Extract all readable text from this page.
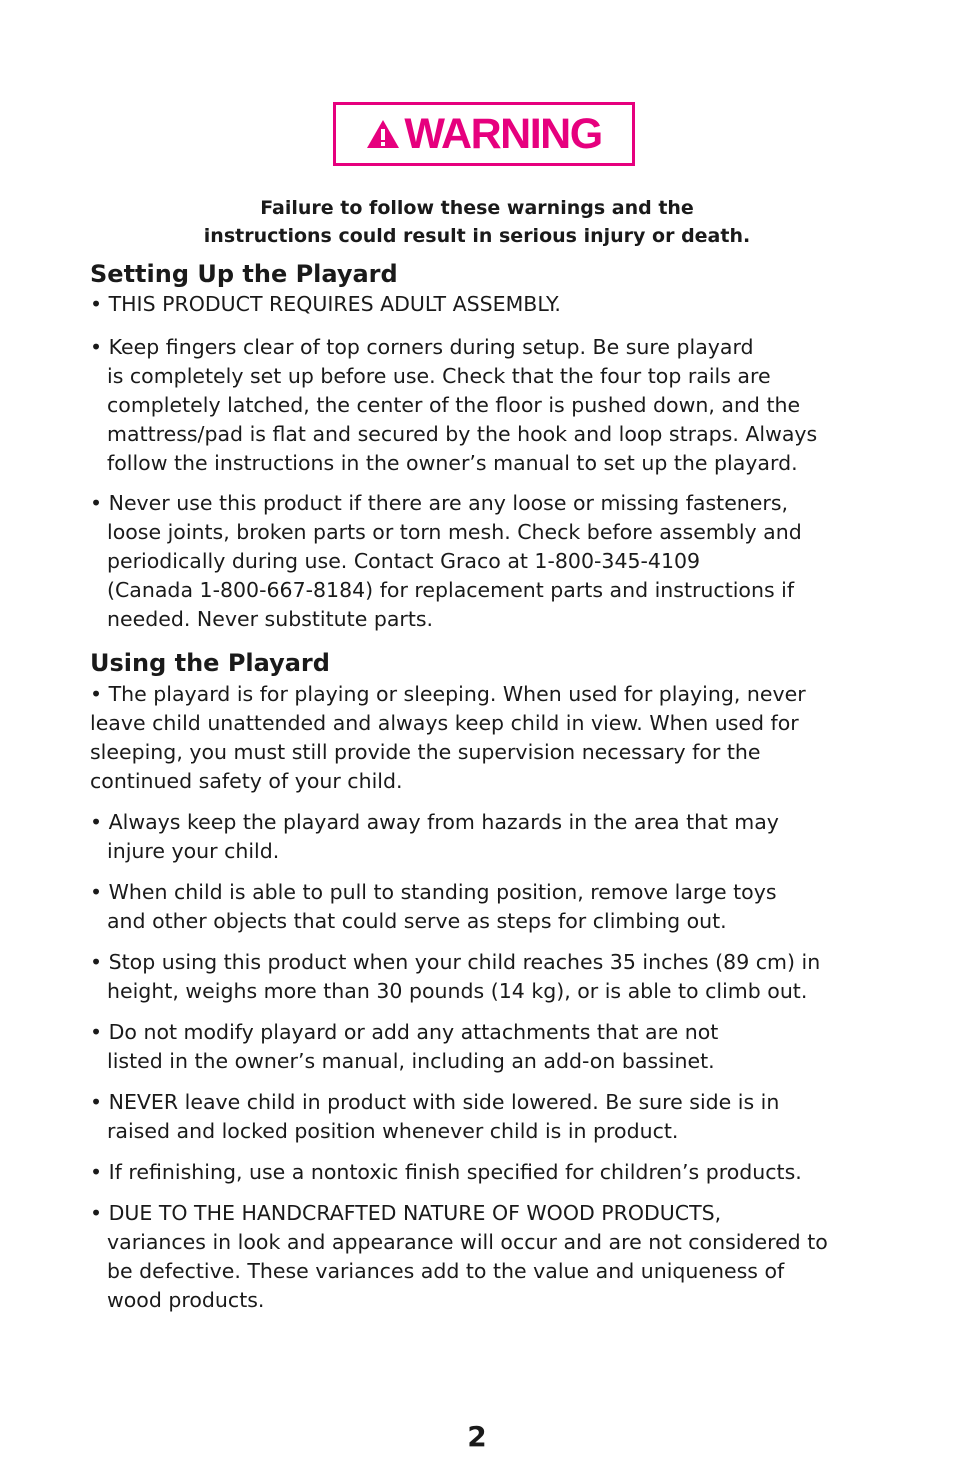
WARNING
Failure to follow these warnings and the
instructions could result in serious injury or death.
Setting Up the Playard
• THIS PRODUCT REQUIRES ADULT ASSEMBLY.
• Keep fingers clear of top corners during setup. Be sure playard
is completely set up before use. Check that the four top rails are
completely latched, the center of the floor is pushed down, and the
mattress/pad is flat and secured by the hook and loop straps. Always
follow the instructions in the owner’s manual to set up the playard.
• Never use this product if there are any loose or missing fasteners,
loose joints, broken parts or torn mesh. Check before assembly and
periodically during use. Contact Graco at 1-800-345-4109
(Canada 1-800-667-8184) for replacement parts and instructions if
needed. Never substitute parts.
Using the Playard
• The playard is for playing or sleeping. When used for playing, never
leave child unattended and always keep child in view. When used for
sleeping, you must still provide the supervision necessary for the
continued safety of your child.
• Always keep the playard away from hazards in the area that may
injure your child.
• When child is able to pull to standing position, remove large toys
and other objects that could serve as steps for climbing out.
• Stop using this product when your child reaches 35 inches (89 cm) in
height, weighs more than 30 pounds (14 kg), or is able to climb out.
• Do not modify playard or add any attachments that are not
listed in the owner’s manual, including an add-on bassinet.
• NEVER leave child in product with side lowered. Be sure side is in
raised and locked position whenever child is in product.
• If refinishing, use a nontoxic finish specified for children’s products.
• DUE TO THE HANDCRAFTED NATURE OF WOOD PRODUCTS,
variances in look and appearance will occur and are not considered to
be defective. These variances add to the value and uniqueness of
wood products.
2
